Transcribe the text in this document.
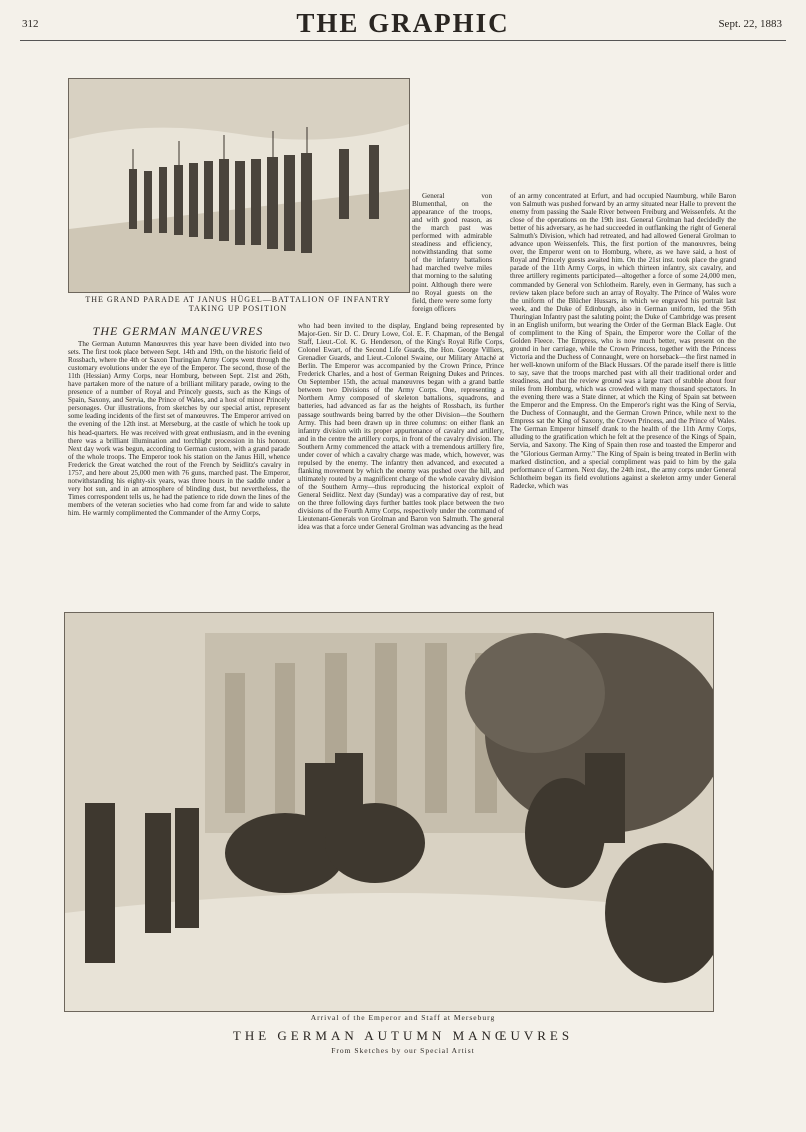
312	THE GRAPHIC	Sept. 22, 1883
THE GRAND PARADE AT JANUS HÜGEL—BATTALION OF INFANTRY TAKING UP POSITION
THE GERMAN MANŒUVRES

The German Autumn Manœuvres this year have been divided into two sets. The first took place between Sept. 14th and 19th, on the historic field of Rossbach, where the 4th or Saxon Thuringian Army Corps went through the customary evolutions under the eye of the Emperor. The second, those of the 11th (Hessian) Army Corps, near Homburg, between Sept. 21st and 26th, have partaken more of the nature of a brilliant military parade, owing to the presence of a number of Royal and Princely guests, such as the Kings of Spain, Saxony, and Servia, the Prince of Wales, and a host of minor Princely personages. Our illustrations, from sketches by our special artist, represent some leading incidents of the first set of manœuvres. The Emperor arrived on the evening of the 12th inst. at Merseburg, at the castle of which he took up his head-quarters. He was received with great enthusiasm, and in the evening there was a brilliant illumination and torchlight procession in his honour. Next day work was begun, according to German custom, with a grand parade of the whole troops. The Emperor took his station on the Janus Hill, whence Frederick the Great watched the rout of the French by Seidlitz's cavalry in 1757, and here about 25,000 men with 76 guns, marched past. The Emperor, notwithstanding his eighty-six years, was three hours in the saddle under a very hot sun, and in an atmosphere of blinding dust, but nevertheless, the Times correspondent tells us, he had the patience to ride down the lines of the members of the veteran societies who had come from far and wide to salute him. He warmly complimented the Commander of the Army Corps,

General von Blumenthal, on the appearance of the troops, and with good reason, as the march past was performed with admirable steadiness and efficiency, notwithstanding that some of the infantry battalions had marched twelve miles that morning to the saluting point. Although there were no Royal guests on the field, there were some forty foreign officers

who had been invited to the display, England being represented by Major-Gen. Sir D. C. Drury Lowe, Col. E. F. Chapman, of the Bengal Staff, Lieut.-Col. K. G. Henderson, of the King's Royal Rifle Corps, Colonel Ewart, of the Second Life Guards, the Hon. George Villiers, Grenadier Guards, and Lieut.-Colonel Swaine, our Military Attaché at Berlin. The Emperor was accompanied by the Crown Prince, Prince Frederick Charles, and a host of German Reigning Dukes and Princes. On September 15th, the actual manœuvres began with a grand battle between two Divisions of the Army Corps. One, representing a Northern Army composed of skeleton battalions, squadrons, and batteries, had advanced as far as the heights of Rossbach, its further passage southwards being barred by the other Division—the Southern Army. This had been drawn up in three columns: on either flank an infantry division with its proper appurtenance of cavalry and artillery, and in the centre the artillery corps, in front of the cavalry division. The Southern Army commenced the attack with a tremendous artillery fire, under cover of which a cavalry charge was made, which, however, was repulsed by the enemy. The infantry then advanced, and executed a flanking movement by which the enemy was pushed over the hill, and ultimately routed by a magnificent charge of the whole cavalry division of the Southern Army—thus reproducing the historical exploit of General Seidlitz. Next day (Sunday) was a comparative day of rest, but on the three following days further battles took place between the two divisions of the Fourth Army Corps, respectively under the command of Lieutenant-Generals von Grolman and Baron von Salmuth. The general idea was that a force under General Grolman was advancing as the head

of an army concentrated at Erfurt, and had occupied Naumburg, while Baron von Salmuth was pushed forward by an army situated near Halle to prevent the enemy from passing the Saale River between Freiburg and Weissenfels. At the close of the operations on the 19th inst. General Grolman had decidedly the better of his adversary, as he had succeeded in outflanking the right of General Salmuth's Division, which had retreated, and had allowed General Grolman to advance upon Weissenfels. This, the first portion of the manœuvres, being over, the Emperor went on to Homburg, where, as we have said, a host of Royal and Princely guests awaited him. On the 21st inst. took place the grand parade of the 11th Army Corps, in which thirteen infantry, six cavalry, and three artillery regiments participated—altogether a force of some 24,000 men, commanded by General von Schlotheim. Rarely, even in Germany, has such a review taken place before such an array of Royalty. The Prince of Wales wore the uniform of the Blücher Hussars, in which we engraved his portrait last week, and the Duke of Edinburgh, also in German uniform, led the 95th Thuringian Infantry past the saluting point; the Duke of Cambridge was present in an English uniform, but wearing the Order of the German Black Eagle. Out of compliment to the King of Spain, the Emperor wore the Collar of the Golden Fleece. The Empress, who is now much better, was present on the ground in her carriage, while the Crown Princess, together with the Princess Victoria and the Duchess of Connaught, were on horseback—the first named in her well-known uniform of the Black Hussars. Of the parade itself there is little to say, save that the troops marched past with all their traditional order and steadiness, and that the review ground was a large tract of stubble about four miles from Homburg, which was crowded with many thousand spectators. In the evening there was a State dinner, at which the King of Spain sat between the Emperor and the Empress. On the Emperor's right was the King of Servia, the Duchess of Connaught, and the German Crown Prince, while next to the Empress sat the King of Saxony, the Crown Princess, and the Prince of Wales. The German Emperor himself drank to the health of the 11th Army Corps, alluding to the gratification which he felt at the presence of the Kings of Spain, Servia, and Saxony. The King of Spain then rose and toasted the Emperor and the "Glorious German Army." The King of Spain is being treated in Berlin with marked distinction, and a special compliment was paid to him by the gala performance of Carmen. Next day, the 24th inst., the army corps under General Schlotheim began its field evolutions against a skeleton army under General Radecke, which was

Arrival of the Emperor and Staff at Merseburg
THE GERMAN AUTUMN MANŒUVRES
From Sketches by our Special Artist
